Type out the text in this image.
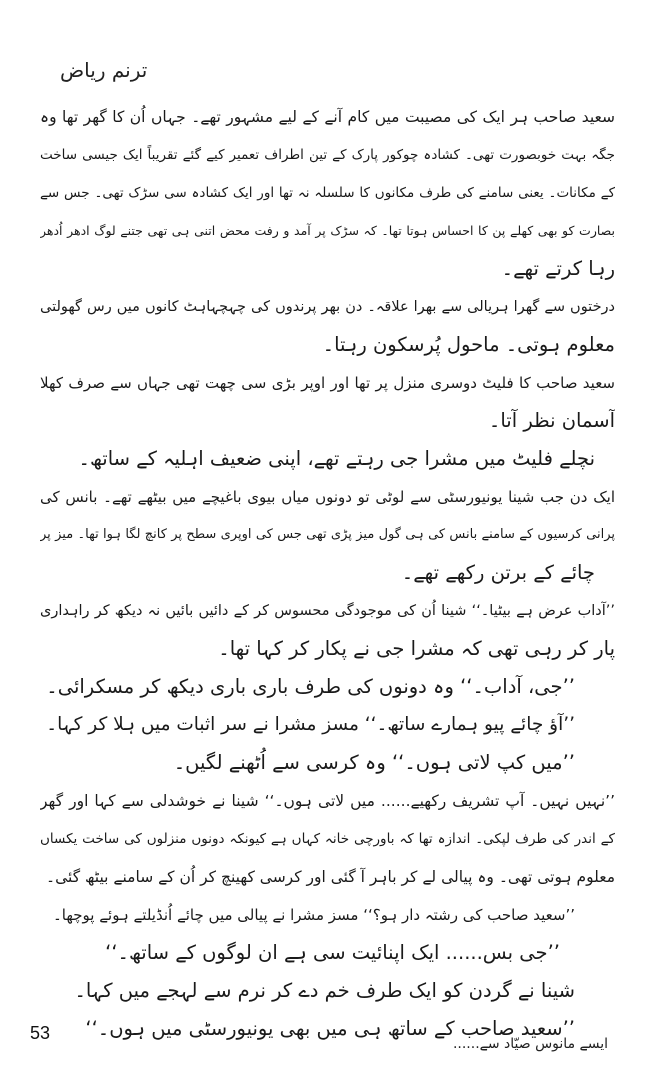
ترنم ریاض
سعید صاحب ہر ایک کی مصیبت میں کام آنے کے لیے مشہور تھے۔ جہاں اُن کا گھر تھا وہ
جگہ بہت خوبصورت تھی۔ کشادہ چوکور پارک کے تین اطراف تعمیر کیے گئے تقریباً ایک جیسی ساخت
کے مکانات۔ یعنی سامنے کی طرف مکانوں کا سلسلہ نہ تھا اور ایک کشادہ سی سڑک تھی۔ جس سے
بصارت کو بھی کھلے پن کا احساس ہوتا تھا۔ کہ سڑک پر آمد و رفت محض اتنی ہی تھی جتنے لوگ ادھر اُدھر
رہا کرتے تھے۔
درختوں سے گھرا ہریالی سے بھرا علاقہ۔ دن بھر پرندوں کی چہچہاہٹ کانوں میں رس گھولتی
معلوم ہوتی۔ ماحول پُرسکون رہتا۔
سعید صاحب کا فلیٹ دوسری منزل پر تھا اور اوپر بڑی سی چھت تھی جہاں سے صرف کھلا
آسمان نظر آتا۔
نچلے فلیٹ میں مشرا جی رہتے تھے، اپنی ضعیف اہلیہ کے ساتھ۔
ایک دن جب شینا یونیورسٹی سے لوٹی تو دونوں میاں بیوی باغیچے میں بیٹھے تھے۔ بانس کی
پرانی کرسیوں کے سامنے بانس کی ہی گول میز پڑی تھی جس کی اوپری سطح پر کانچ لگا ہوا تھا۔ میز پر
چائے کے برتن رکھے تھے۔
’’آداب عرض ہے بیٹیا۔‘‘ شینا اُن کی موجودگی محسوس کر کے دائیں بائیں نہ دیکھ کر راہداری
پار کر رہی تھی کہ مشرا جی نے پکار کر کہا تھا۔
’’جی، آداب۔‘‘ وہ دونوں کی طرف باری باری دیکھ کر مسکرائی۔
’’آؤ چائے پیو ہمارے ساتھ۔‘‘ مسز مشرا نے سر اثبات میں ہلا کر کہا۔
’’میں کپ لاتی ہوں۔‘‘ وہ کرسی سے اُٹھنے لگیں۔
’’نہیں نہیں۔ آپ تشریف رکھیے...... میں لاتی ہوں۔‘‘ شینا نے خوشدلی سے کہا اور گھر
کے اندر کی طرف لپکی۔ اندازہ تھا کہ باورچی خانہ کہاں ہے کیونکہ دونوں منزلوں کی ساخت یکساں
معلوم ہوتی تھی۔ وہ پیالی لے کر باہر آ گئی اور کرسی کھینچ کر اُن کے سامنے بیٹھ گئی۔
’’سعید صاحب کی رشتہ دار ہو؟‘‘ مسز مشرا نے پیالی میں چائے اُنڈیلتے ہوئے پوچھا۔
’’جی بس...... ایک اپنائیت سی ہے ان لوگوں کے ساتھ۔‘‘
شینا نے گردن کو ایک طرف خم دے کر نرم سے لہجے میں کہا۔
’’سعید صاحب کے ساتھ ہی میں بھی یونیورسٹی میں ہوں۔‘‘
53
ایسے مانوس صیّاد سے......
